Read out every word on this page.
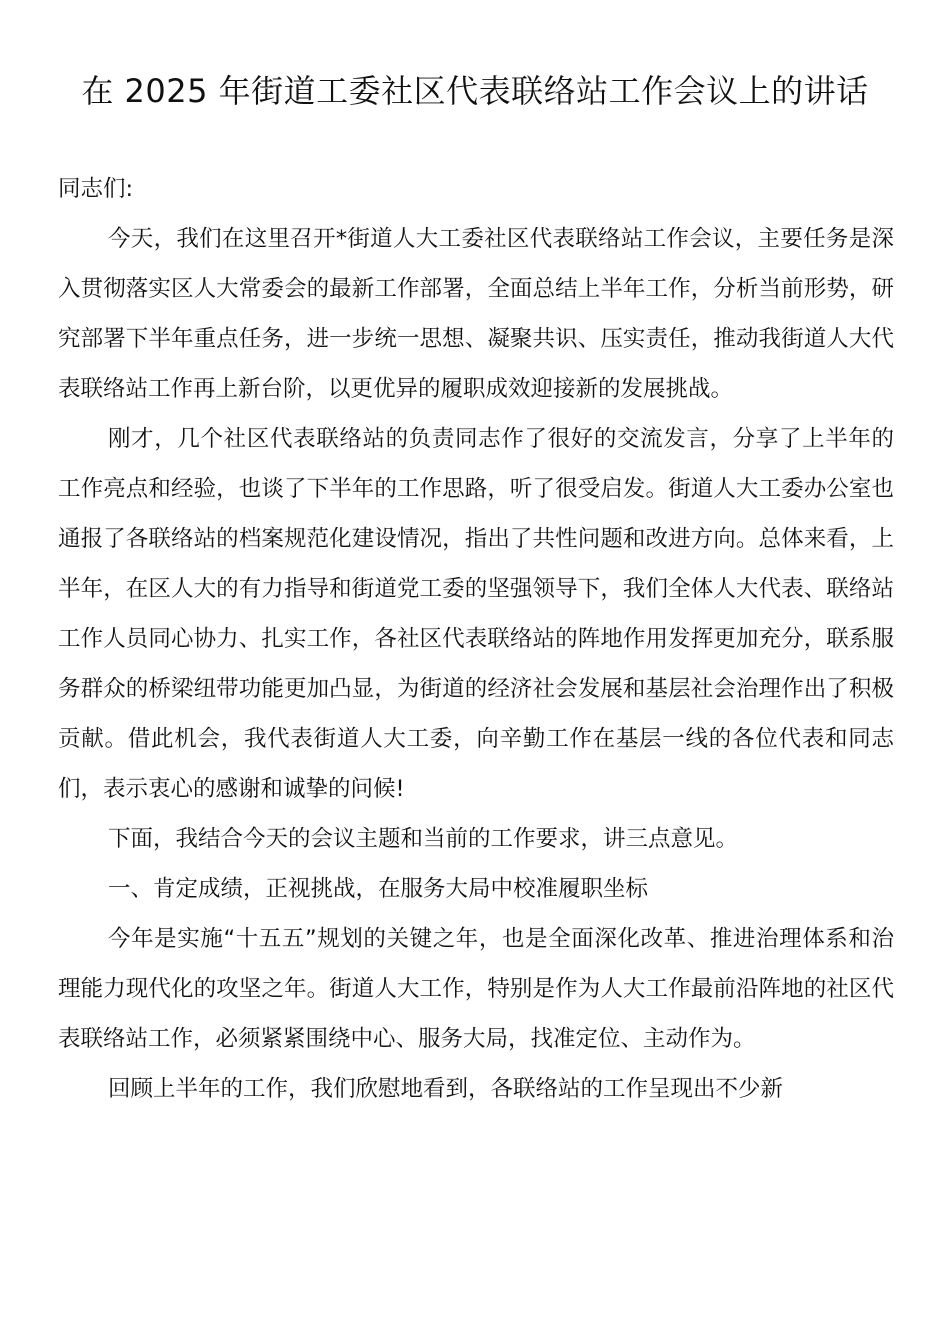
在 2025 年街道工委社区代表联络站工作会议上的讲话

同志们:

今天，我们在这里召开*街道人大工委社区代表联络站工作会议，主要任务是深入贯彻落实区人大常委会的最新工作部署，全面总结上半年工作，分析当前形势，研究部署下半年重点任务，进一步统一思想、凝聚共识、压实责任，推动我街道人大代表联络站工作再上新台阶，以更优异的履职成效迎接新的发展挑战。

刚才，几个社区代表联络站的负责同志作了很好的交流发言，分享了上半年的工作亮点和经验，也谈了下半年的工作思路，听了很受启发。街道人大工委办公室也通报了各联络站的档案规范化建设情况，指出了共性问题和改进方向。总体来看，上半年，在区人大的有力指导和街道党工委的坚强领导下，我们全体人大代表、联络站工作人员同心协力、扎实工作，各社区代表联络站的阵地作用发挥更加充分，联系服务群众的桥梁纽带功能更加凸显，为街道的经济社会发展和基层社会治理作出了积极贡献。借此机会，我代表街道人大工委，向辛勤工作在基层一线的各位代表和同志们，表示衷心的感谢和诚挚的问候!

下面，我结合今天的会议主题和当前的工作要求，讲三点意见。

一、肯定成绩，正视挑战，在服务大局中校准履职坐标

今年是实施“十五五”规划的关键之年，也是全面深化改革、推进治理体系和治理能力现代化的攻坚之年。街道人大工作，特别是作为人大工作最前沿阵地的社区代表联络站工作，必须紧紧围绕中心、服务大局，找准定位、主动作为。

回顾上半年的工作，我们欣慰地看到，各联络站的工作呈现出不少新
